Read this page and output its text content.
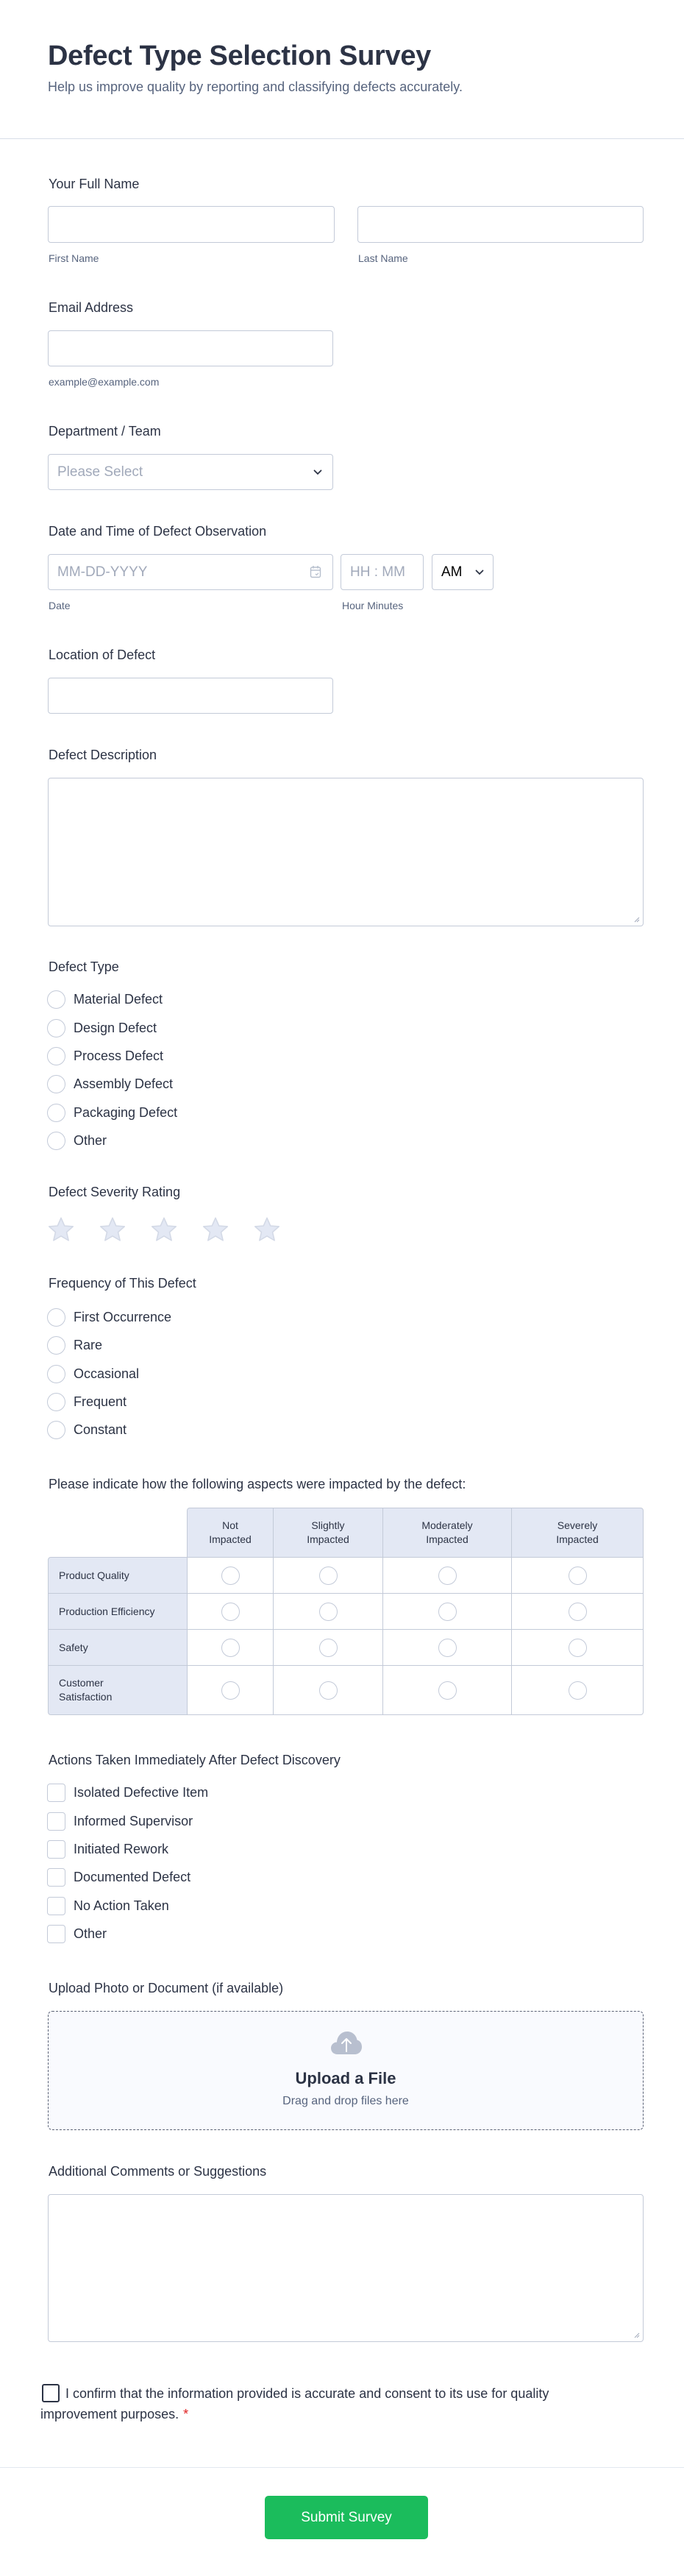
Defect Type Selection Survey

Help us improve quality by reporting and classifying defects accurately.

Your Full Name
First Name	Last Name
Email Address
example@example.com
Department / Team
Please Select
Date and Time of Defect Observation
MM-DD-YYYY
Date
HH : MM
Hour Minutes
AM
Location of Defect
Defect Description
Defect Type
Material Defect
Design Defect
Process Defect
Assembly Defect
Packaging Defect
Other
Defect Severity Rating
Frequency of This Defect
First Occurrence
Rare
Occasional
Frequent
Constant
Please indicate how the following aspects were impacted by the defect:
Not
Impacted
Slightly
Impacted
Moderately
Impacted
Severely
Impacted
Product Quality
Production Efficiency
Safety
Customer
Satisfaction
Actions Taken Immediately After Defect Discovery
Isolated Defective Item
Informed Supervisor
Initiated Rework
Documented Defect
No Action Taken
Other
Upload Photo or Document (if available)
Upload a File
Drag and drop files here
Additional Comments or Suggestions
I confirm that the information provided is accurate and consent to its use for quality improvement purposes. *
Submit Survey
